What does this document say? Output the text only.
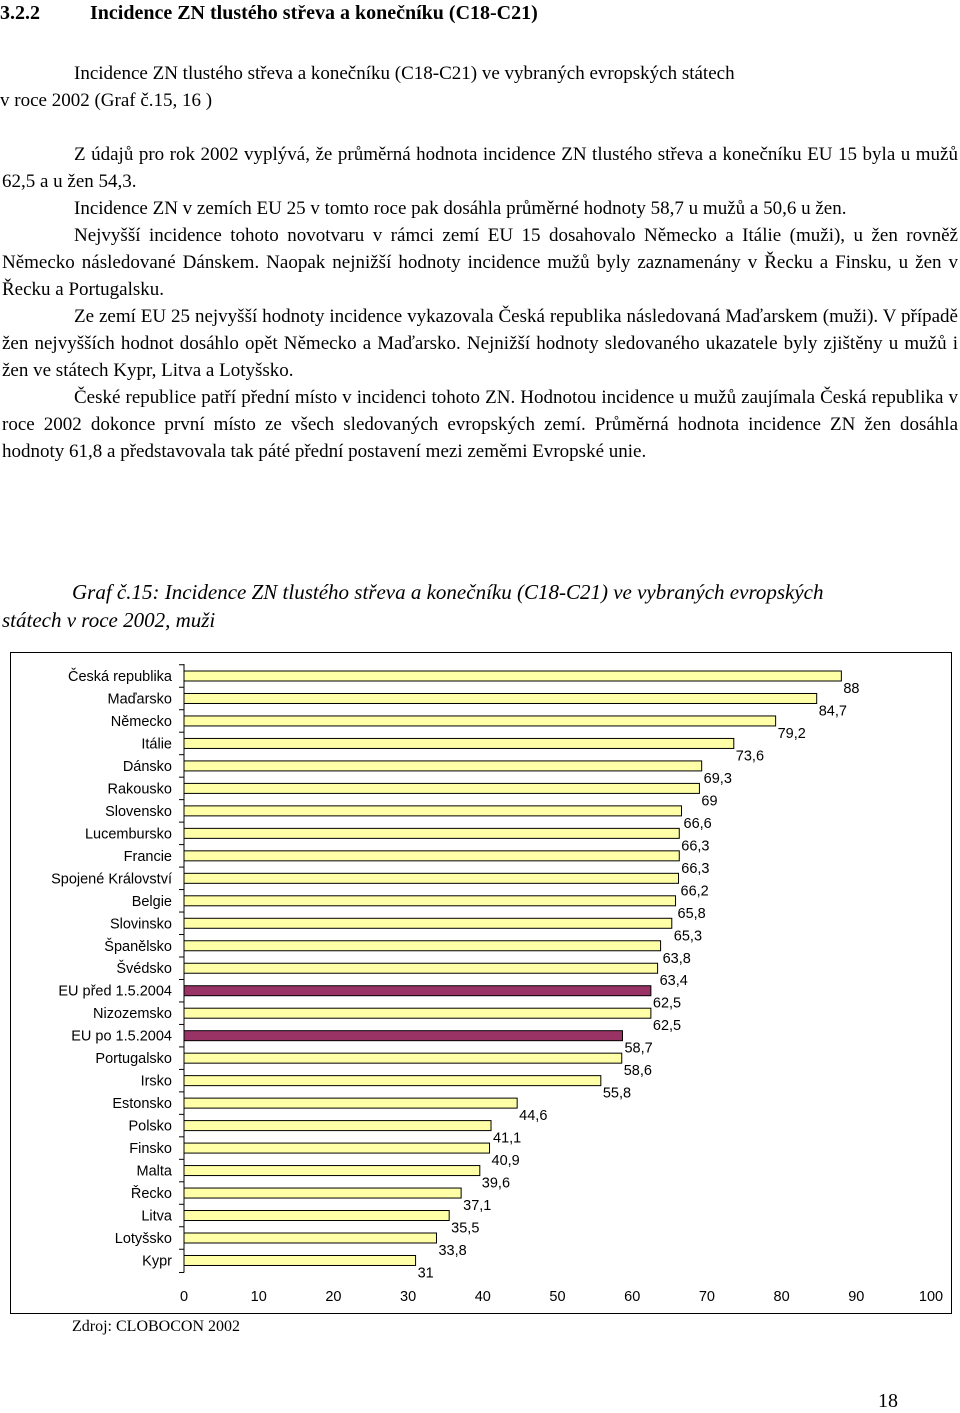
3.2.2	Incidence ZN tlustého střeva a konečníku (C18-C21)
Incidence ZN tlustého střeva a konečníku (C18-C21) ve vybraných evropských státech
v roce 2002 (Graf č.15, 16 )

Z údajů pro rok 2002 vyplývá, že průměrná hodnota incidence ZN tlustého střeva a konečníku EU 15 byla u mužů 62,5 a u žen 54,3.

Incidence ZN v zemích EU 25 v tomto roce pak dosáhla průměrné hodnoty 58,7 u mužů a 50,6 u žen.

Nejvyšší incidence tohoto novotvaru v rámci zemí EU 15 dosahovalo Německo a Itálie (muži), u žen rovněž Německo následované Dánskem. Naopak nejnižší hodnoty incidence mužů byly zaznamenány v Řecku a Finsku, u žen v Řecku a Portugalsku.

Ze zemí EU 25 nejvyšší hodnoty incidence vykazovala Česká republika následovaná Maďarskem (muži). V případě žen nejvyšších hodnot dosáhlo opět Německo a Maďarsko. Nejnižší hodnoty sledovaného ukazatele byly zjištěny u mužů i žen ve státech Kypr, Litva a Lotyšsko.

České republice patří přední místo v incidenci tohoto ZN. Hodnotou incidence u mužů zaujímala Česká republika v roce 2002 dokonce první místo ze všech sledovaných evropských zemí. Průměrná hodnota incidence ZN žen dosáhla hodnoty 61,8 a představovala tak páté přední postavení mezi zeměmi Evropské unie.

Graf č.15: Incidence ZN tlustého střeva a konečníku (C18-C21) ve vybraných evropských
státech v roce 2002, muži
Česká republika
88
Maďarsko
84,7
Německo
79,2
Itálie
73,6
Dánsko
69,3
Rakousko
69
Slovensko
66,6
Lucembursko
66,3
Francie
66,3
Spojené Království
66,2
Belgie
65,8
Slovinsko
65,3
Španělsko
63,8
Švédsko
63,4
EU před 1.5.2004
62,5
Nizozemsko
62,5
EU po 1.5.2004
58,7
Portugalsko
58,6
Irsko
55,8
Estonsko
44,6
Polsko
41,1
Finsko
40,9
Malta
39,6
Řecko
37,1
Litva
35,5
Lotyšsko
33,8
Kypr
31
0	10	20	30	40	50	60	70	80	90	100
Zdroj: CLOBOCON 2002
18
